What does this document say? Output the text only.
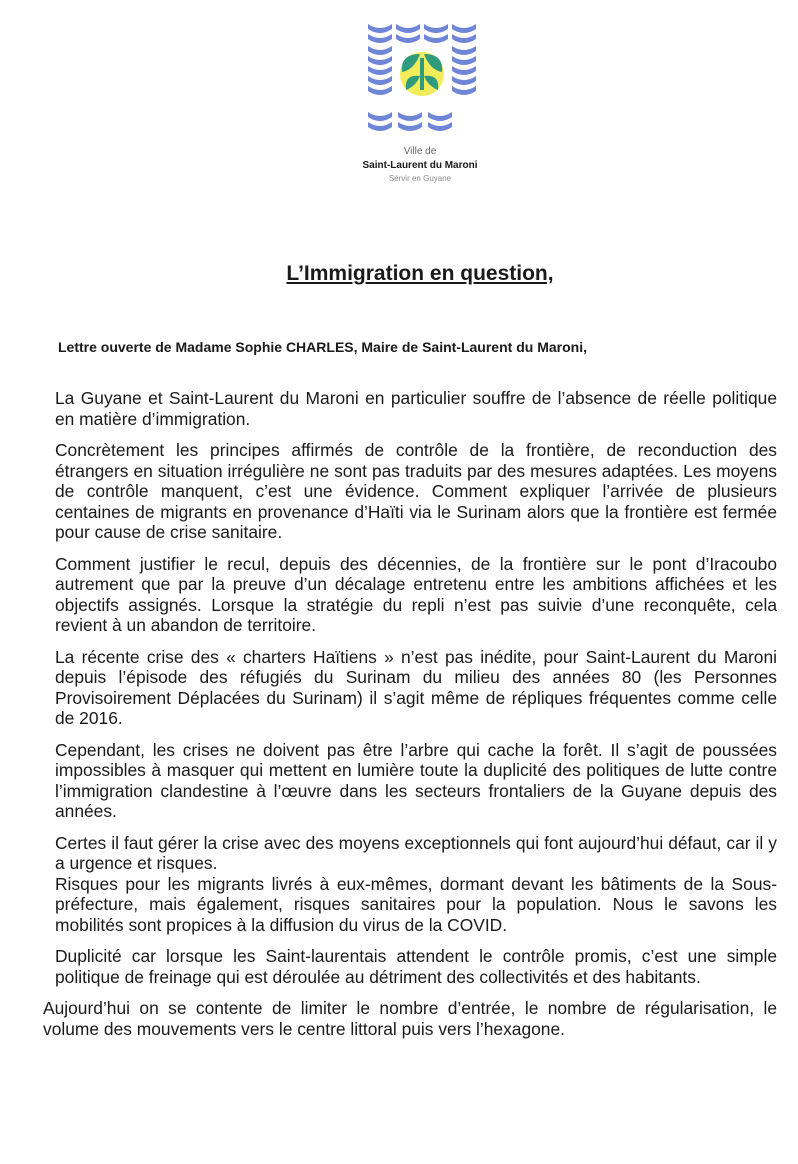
Ville de
Saint-Laurent du Maroni
Sérvir en Guyane
L’Immigration en question,
Lettre ouverte de Madame Sophie CHARLES, Maire de Saint-Laurent du Maroni,

La Guyane et Saint-Laurent du Maroni en particulier souffre de l’absence de réelle politique en matière d’immigration.

Concrètement les principes affirmés de contrôle de la frontière, de reconduction des étrangers en situation irrégulière ne sont pas traduits par des mesures adaptées. Les moyens de contrôle manquent, c’est une évidence. Comment expliquer l’arrivée de plusieurs centaines de migrants en provenance d’Haïti via le Surinam alors que la frontière est fermée pour cause de crise sanitaire.

Comment justifier le recul, depuis des décennies, de la frontière sur le pont d’Iracoubo autrement que par la preuve d’un décalage entretenu entre les ambitions affichées et les objectifs assignés. Lorsque la stratégie du repli n’est pas suivie d’une reconquête, cela revient à un abandon de territoire.

La récente crise des « charters Haïtiens » n’est pas inédite, pour Saint-Laurent du Maroni depuis l’épisode des réfugiés du Surinam du milieu des années 80 (les Personnes Provisoirement Déplacées du Surinam) il s’agit même de répliques fréquentes comme celle de 2016.

Cependant, les crises ne doivent pas être l’arbre qui cache la forêt. Il s’agit de poussées impossibles à masquer qui mettent en lumière toute la duplicité des politiques de lutte contre l’immigration clandestine à l’œuvre dans les secteurs frontaliers de la Guyane depuis des années.

Certes il faut gérer la crise avec des moyens exceptionnels qui font aujourd’hui défaut, car il y a urgence et risques.

Risques pour les migrants livrés à eux-mêmes, dormant devant les bâtiments de la Sous-préfecture, mais également, risques sanitaires pour la population. Nous le savons les mobilités sont propices à la diffusion du virus de la COVID.

Duplicité car lorsque les Saint-laurentais attendent le contrôle promis, c’est une simple politique de freinage qui est déroulée au détriment des collectivités et des habitants.

Aujourd’hui on se contente de limiter le nombre d’entrée, le nombre de régularisation, le volume des mouvements vers le centre littoral puis vers l’hexagone.
